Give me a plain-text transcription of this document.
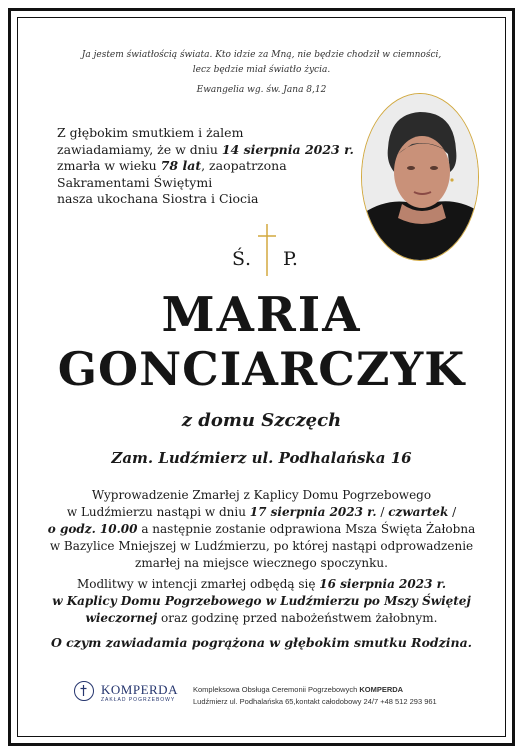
Ja jestem światłością świata. Kto idzie za Mną, nie będzie chodził w ciemności,
lecz będzie miał światło życia.
Ewangelia wg. św. Jana 8,12
Z głębokim smutkiem i żalem
zawiadamiamy, że w dniu 14 sierpnia 2023 r.
zmarła w wieku 78 lat, zaopatrzona
Sakramentami Świętymi
nasza ukochana Siostra i Ciocia
Ś. P.
MARIA
GONCIARCZYK
z domu Szczęch
Zam. Ludźmierz ul. Podhalańska 16
Wyprowadzenie Zmarłej z Kaplicy Domu Pogrzebowego
w Ludźmierzu nastąpi w dniu 17 sierpnia 2023 r. / czwartek /
o godz. 10.00 a następnie zostanie odprawiona Msza Święta Żałobna
w Bazylice Mniejszej w Ludźmierzu, po której nastąpi odprowadzenie
zmarłej na miejsce wiecznego spoczynku.
Modlitwy w intencji zmarłej odbędą się 16 sierpnia 2023 r.
w Kaplicy Domu Pogrzebowego w Ludźmierzu po Mszy Świętej
wieczornej oraz godzinę przed nabożeństwem żałobnym.
O czym zawiadamia pogrążona w głębokim smutku Rodzina.
KOMPERDA
ZAKŁAD POGRZEBOWY
Kompleksowa Obsługa Ceremonii Pogrzebowych KOMPERDA
Ludźmierz ul. Podhalańska 65,kontakt całodobowy 24/7 +48 512 293 961
